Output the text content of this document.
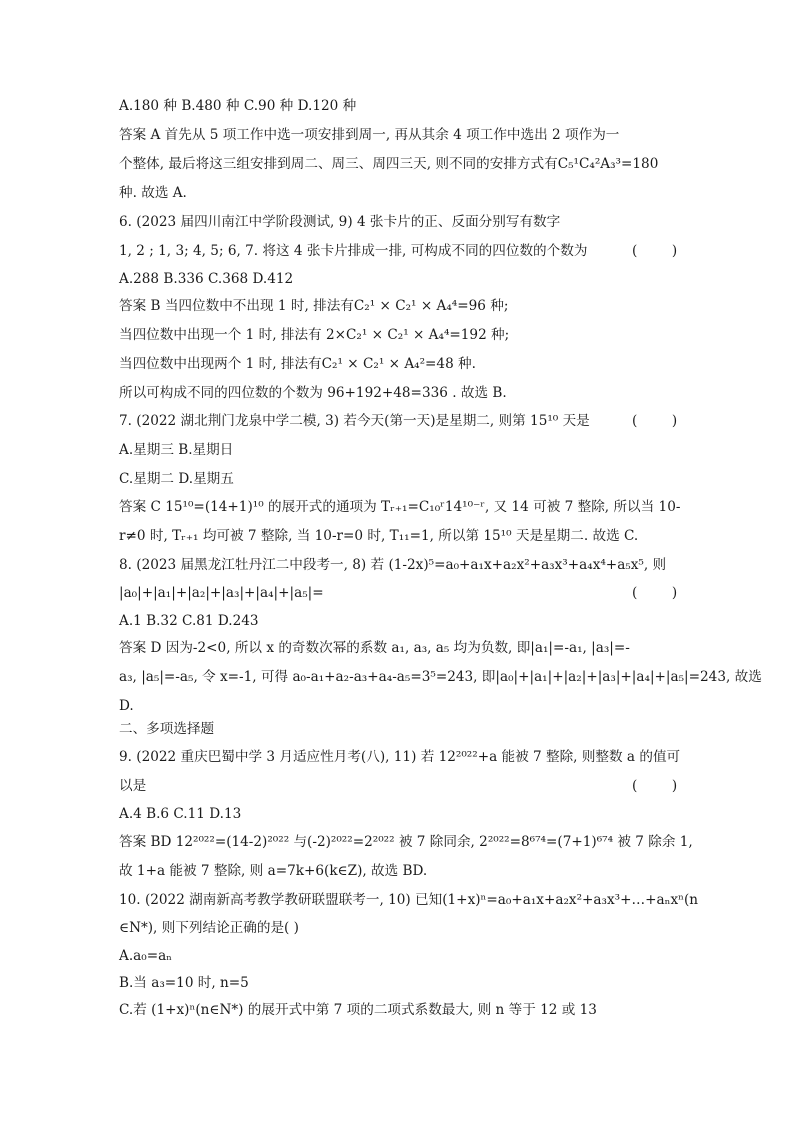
A.180 种 B.480 种 C.90 种 D.120 种
答案 A 首先从 5 项工作中选一项安排到周一, 再从其余 4 项工作中选出 2 项作为一
个整体, 最后将这三组安排到周二、周三、周四三天, 则不同的安排方式有C₅¹C₄²A₃³=180
种. 故选 A.
6. (2023 届四川南江中学阶段测试, 9) 4 张卡片的正、反面分别写有数字
1, 2 ; 1, 3; 4, 5; 6, 7. 将这 4 张卡片排成一排, 可构成不同的四位数的个数为
A.288 B.336 C.368 D.412
答案 B 当四位数中不出现 1 时, 排法有C₂¹ × C₂¹ × A₄⁴=96 种;
当四位数中出现一个 1 时, 排法有 2×C₂¹ × C₂¹ × A₄⁴=192 种;
当四位数中出现两个 1 时, 排法有C₂¹ × C₂¹ × A₄²=48 种.
所以可构成不同的四位数的个数为 96+192+48=336 . 故选 B.
7. (2022 湖北荆门龙泉中学二模, 3) 若今天(第一天)是星期二, 则第 15¹⁰ 天是
A.星期三 B.星期日
C.星期二 D.星期五
答案 C 15¹⁰=(14+1)¹⁰ 的展开式的通项为 Tᵣ₊₁=C₁₀ʳ14¹⁰⁻ʳ, 又 14 可被 7 整除, 所以当 10-
r≠0 时, Tᵣ₊₁ 均可被 7 整除, 当 10-r=0 时, T₁₁=1, 所以第 15¹⁰ 天是星期二. 故选 C.
8. (2023 届黑龙江牡丹江二中段考一, 8) 若 (1-2x)⁵=a₀+a₁x+a₂x²+a₃x³+a₄x⁴+a₅x⁵, 则
|a₀|+|a₁|+|a₂|+|a₃|+|a₄|+|a₅|=
A.1 B.32 C.81 D.243
答案 D 因为-2<0, 所以 x 的奇数次幂的系数 a₁, a₃, a₅ 均为负数, 即|a₁|=-a₁, |a₃|=-
a₃, |a₅|=-a₅, 令 x=-1, 可得 a₀-a₁+a₂-a₃+a₄-a₅=3⁵=243, 即|a₀|+|a₁|+|a₂|+|a₃|+|a₄|+|a₅|=243, 故选
D.
二、多项选择题
9. (2022 重庆巴蜀中学 3 月适应性月考(八), 11) 若 12²⁰²²+a 能被 7 整除, 则整数 a 的值可
以是
A.4 B.6 C.11 D.13
答案 BD 12²⁰²²=(14-2)²⁰²² 与(-2)²⁰²²=2²⁰²² 被 7 除同余, 2²⁰²²=8⁶⁷⁴=(7+1)⁶⁷⁴ 被 7 除余 1,
故 1+a 能被 7 整除, 则 a=7k+6(k∈Z), 故选 BD.
10. (2022 湖南新高考教学教研联盟联考一, 10) 已知(1+x)ⁿ=a₀+a₁x+a₂x²+a₃x³+…+aₙxⁿ(n
∈N*), 则下列结论正确的是( )
A.a₀=aₙ
B.当 a₃=10 时, n=5
C.若 (1+x)ⁿ(n∈N*) 的展开式中第 7 项的二项式系数最大, 则 n 等于 12 或 13
(        )
(        )
(        )
(        )
